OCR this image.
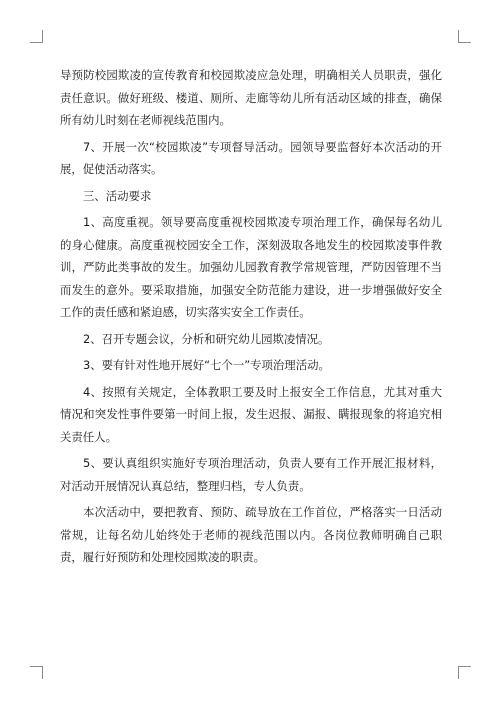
导预防校园欺凌的宣传教育和校园欺凌应急处理，明确相关人员职责，强化责任意识。做好班级、楼道、厕所、走廊等幼儿所有活动区域的排查，确保所有幼儿时刻在老师视线范围内。

7、开展一次“校园欺凌”专项督导活动。园领导要监督好本次活动的开展，促使活动落实。

三、活动要求

1、高度重视。领导要高度重视校园欺凌专项治理工作，确保每名幼儿的身心健康。高度重视校园安全工作，深刻汲取各地发生的校园欺凌事件教训，严防此类事故的发生。加强幼儿园教育教学常规管理，严防因管理不当而发生的意外。要采取措施，加强安全防范能力建设，进一步增强做好安全工作的责任感和紧迫感，切实落实安全工作责任。

2、召开专题会议，分析和研究幼儿园欺凌情况。

3、要有针对性地开展好“七个一”专项治理活动。

4、按照有关规定，全体教职工要及时上报安全工作信息，尤其对重大情况和突发性事件要第一时间上报，发生迟报、漏报、瞒报现象的将追究相关责任人。

5、要认真组织实施好专项治理活动，负责人要有工作开展汇报材料，对活动开展情况认真总结，整理归档，专人负责。

本次活动中，要把教育、预防、疏导放在工作首位，严格落实一日活动常规，让每名幼儿始终处于老师的视线范围以内。各岗位教师明确自己职责，履行好预防和处理校园欺凌的职责。
